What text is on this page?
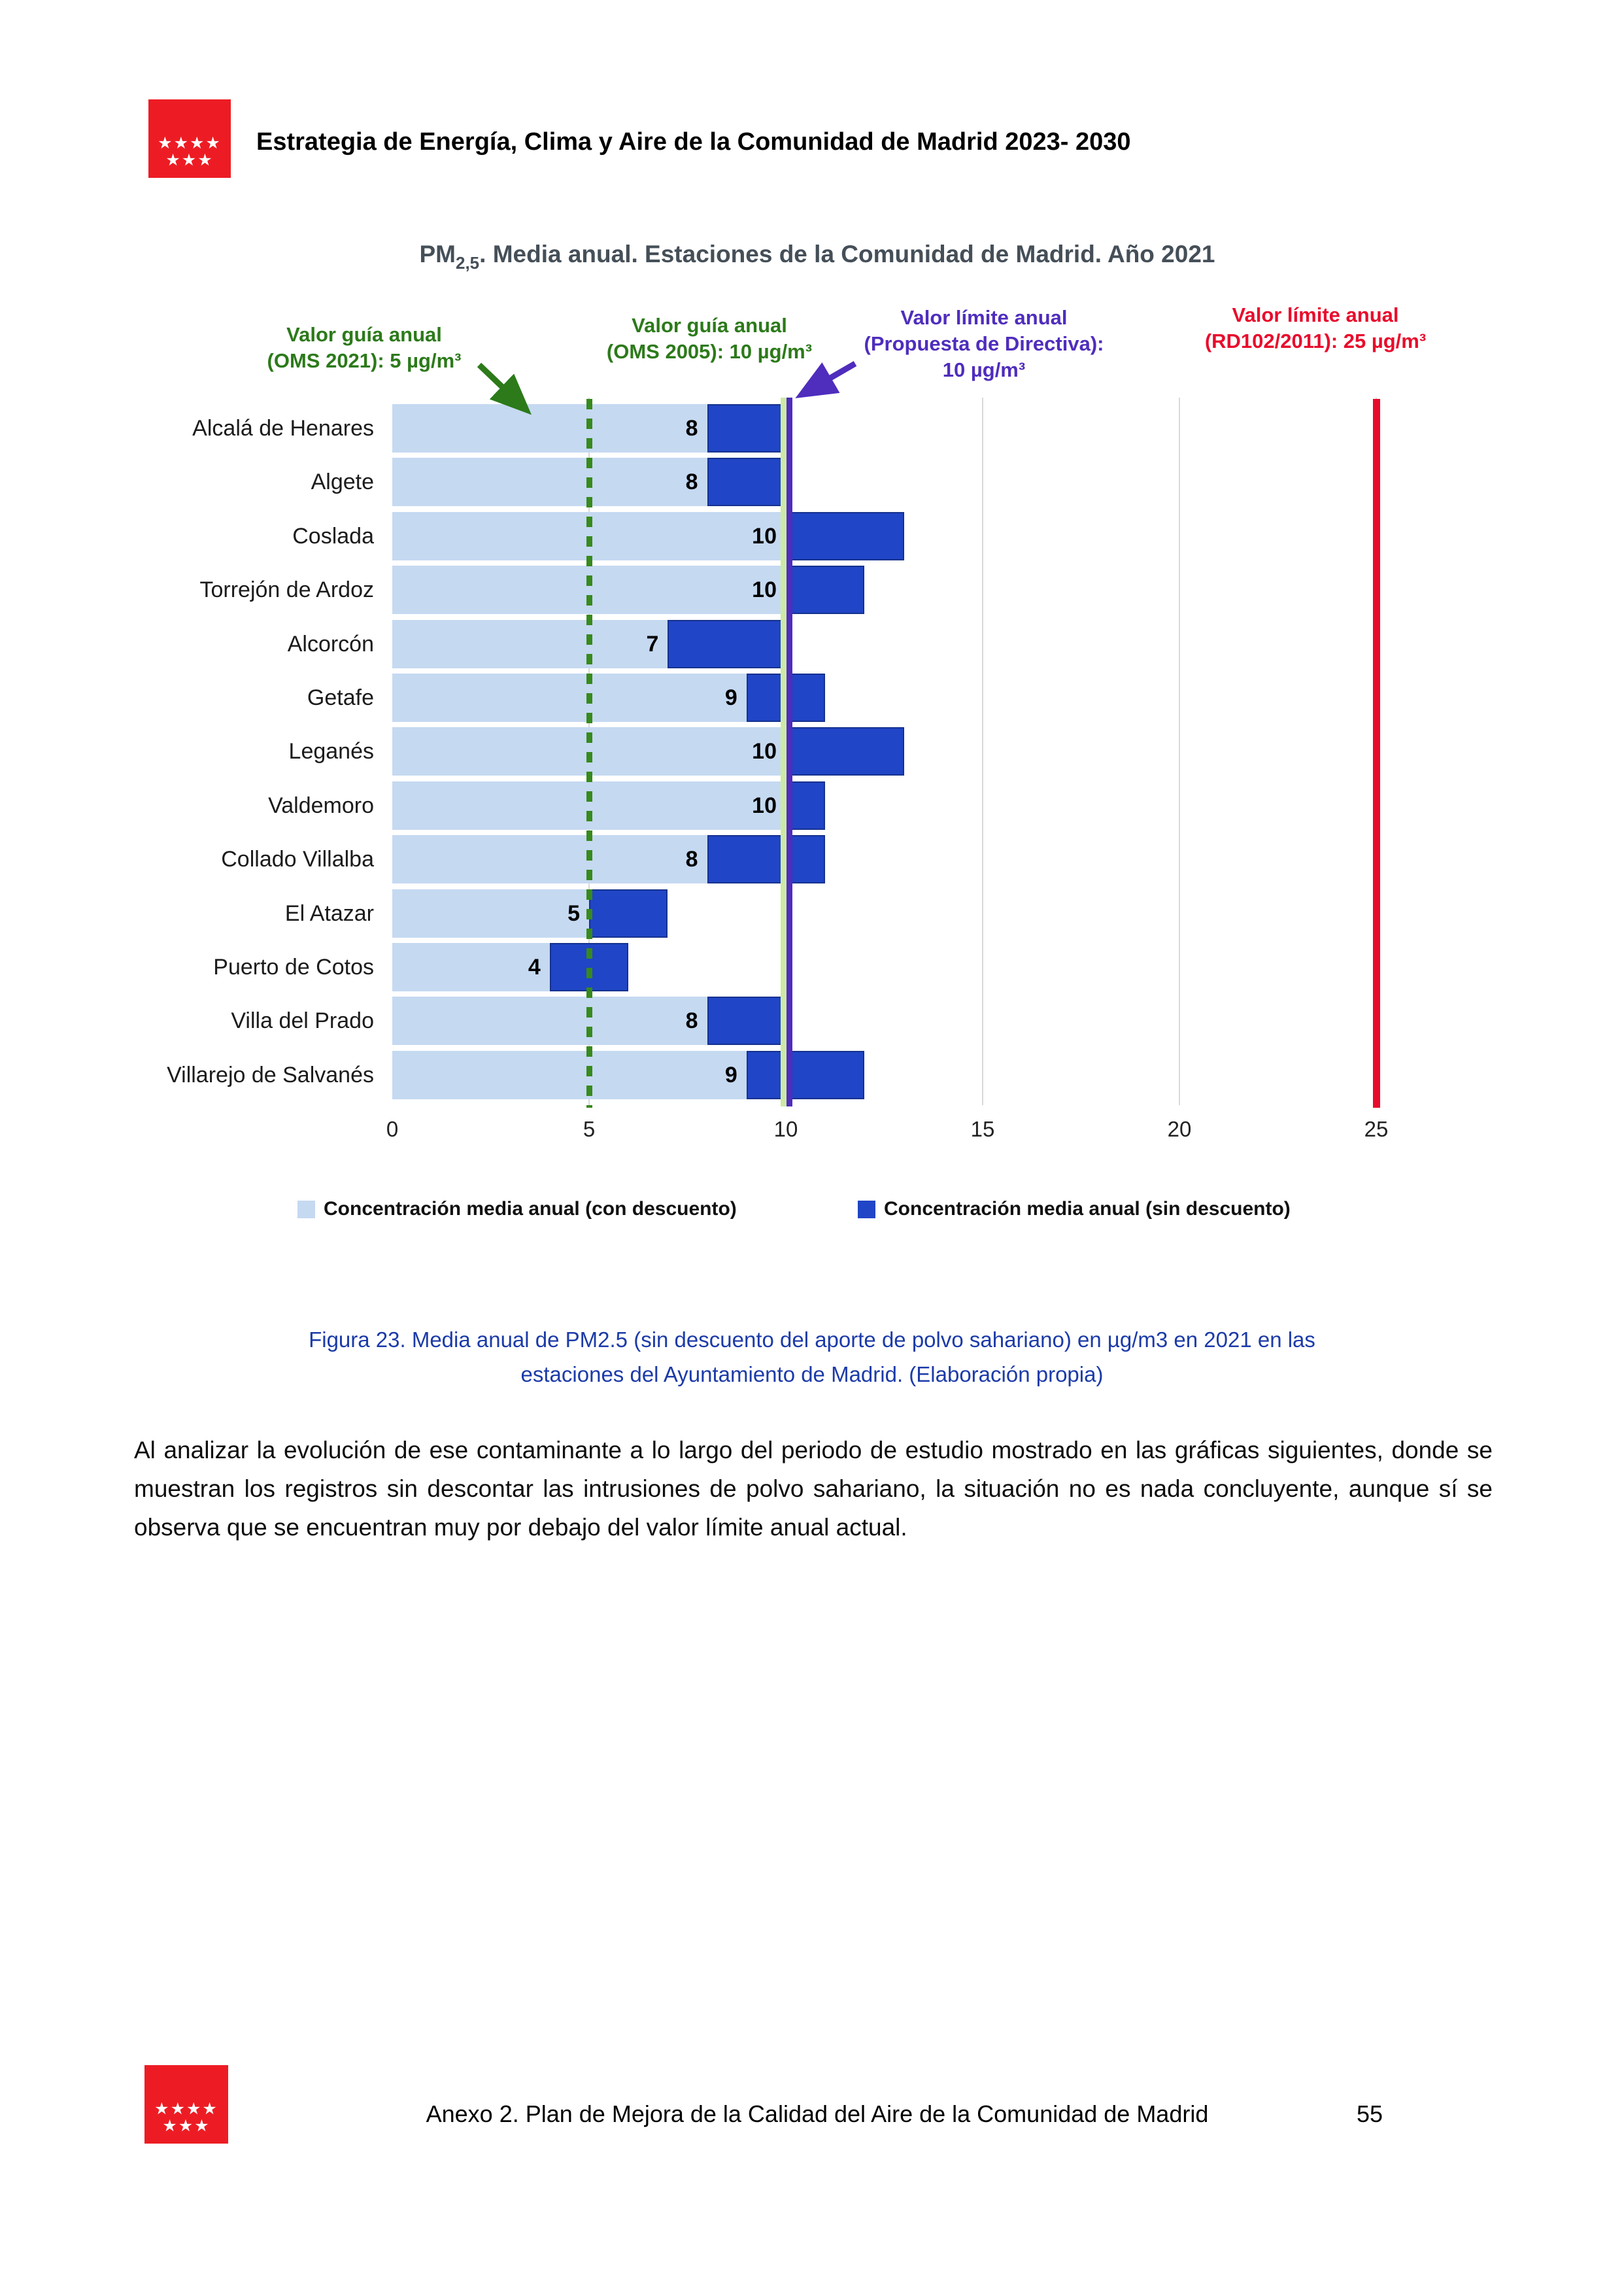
★★★★
★★★
Estrategia de Energía, Clima y Aire de la Comunidad de Madrid 2023- 2030
$PM_{2,5}$. Media anual. Estaciones de la Comunidad de Madrid. Año 2021
Valor guía anual
(OMS 2021): 5 µg/m³
Valor guía anual
(OMS 2005): 10 µg/m³
Valor límite anual
(Propuesta de Directiva):
10 µg/m³
Valor límite anual
(RD102/2011): 25 µg/m³
Alcalá de Henares	8
Algete	8
Coslada	10
Torrejón de Ardoz	10
Alcorcón	7
Getafe	9
Leganés	10
Valdemoro	10
Collado Villalba	8
El Atazar	5
Puerto de Cotos	4
Villa del Prado	8
Villarejo de Salvanés	9
0	5	10	15	20	25
Concentración media anual (con descuento)	Concentración media anual (sin descuento)
Figura 23. Media anual de PM2.5 (sin descuento del aporte de polvo sahariano) en µg/m3 en 2021 en las
estaciones del Ayuntamiento de Madrid. (Elaboración propia)
Al analizar la evolución de ese contaminante a lo largo del periodo de estudio mostrado en las gráficas siguientes, donde se muestran los registros sin descontar las intrusiones de polvo sahariano, la situación no es nada concluyente, aunque sí se observa que se encuentran muy por debajo del valor límite anual actual.
★★★★
★★★	Anexo 2. Plan de Mejora de la Calidad del Aire de la Comunidad de Madrid	55
